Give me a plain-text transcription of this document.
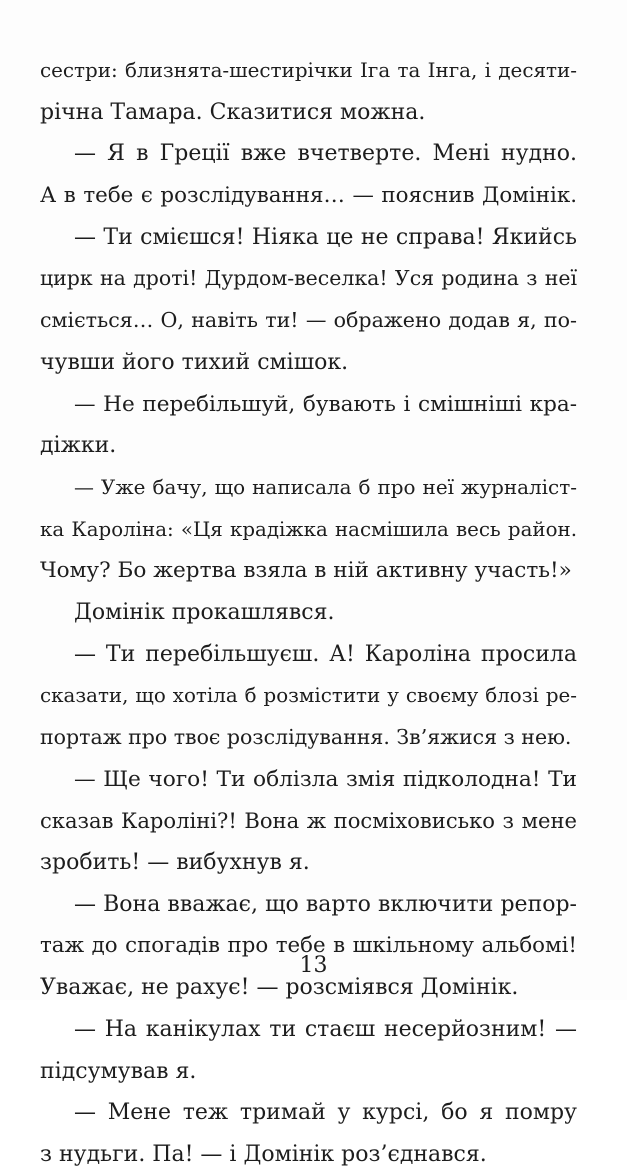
сестри: близнята-шестирічки Іга та Інга, і десяти-
річна Тамара. Сказитися можна.
— Я в Греції вже вчетверте. Мені нудно.
А в тебе є розслідування… — пояснив Домінік.
— Ти смієшся! Ніяка це не справа! Якийсь
цирк на дроті! Дурдом-веселка! Уся родина з неї
сміється… О, навіть ти! — ображено додав я, по-
чувши його тихий смішок.
— Не перебільшуй, бувають і смішніші кра-
діжки.
— Уже бачу, що написала б про неї журналіст-
ка Кароліна: «Ця крадіжка насмішила весь район.
Чому? Бо жертва взяла в ній активну участь!»
Домінік прокашлявся.
— Ти перебільшуєш. А! Кароліна просила
сказати, що хотіла б розмістити у своєму блозі ре-
портаж про твоє розслідування. Зв’яжися з нею.
— Ще чого! Ти облізла змія підколодна! Ти
сказав Кароліні?! Вона ж посміховисько з мене
зробить! — вибухнув я.
— Вона вважає, що варто включити репор-
таж до спогадів про тебе в шкільному альбомі!
Уважає, не рахує! — розсміявся Домінік.
— На канікулах ти стаєш несерйозним! —
підсумував я.
— Мене теж тримай у курсі, бо я помру
з нудьги. Па! — і Домінік роз’єднався.
13
